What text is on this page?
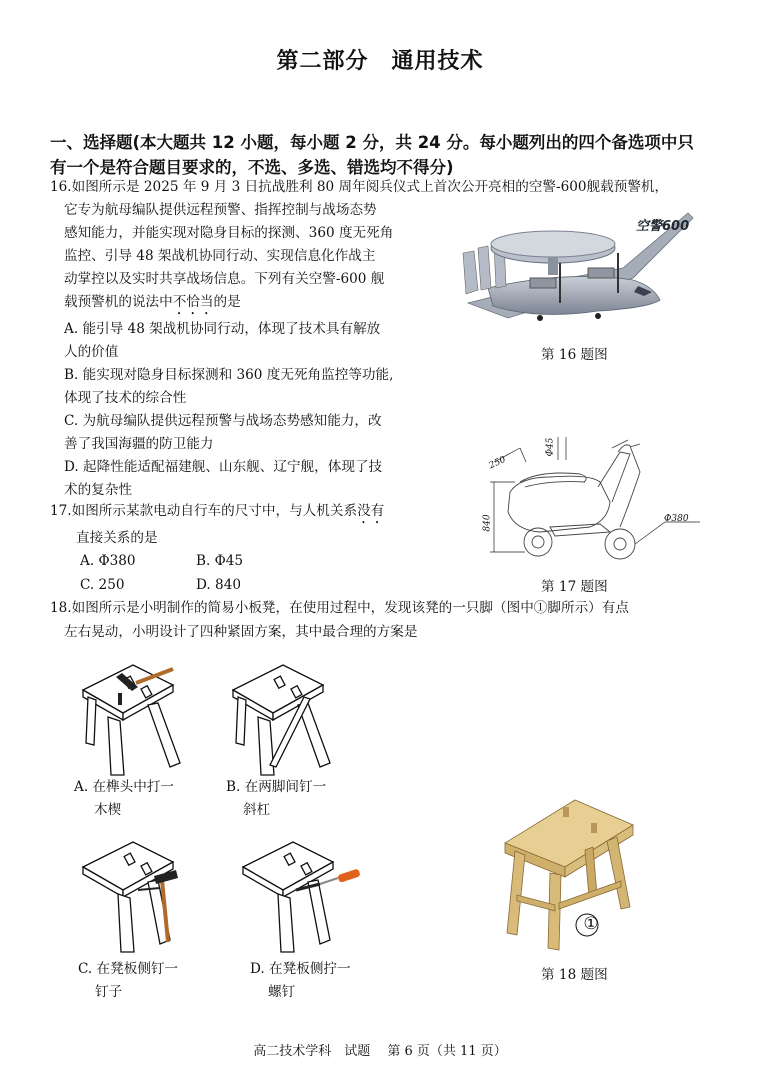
第二部分　通用技术
一、选择题(本大题共 12 小题，每小题 2 分，共 24 分。每小题列出的四个备选项中只
有一个是符合题目要求的，不选、多选、错选均不得分)
16.如图所示是 2025 年 9 月 3 日抗战胜利 80 周年阅兵仪式上首次公开亮相的空警-600舰载预警机，
它专为航母编队提供远程预警、指挥控制与战场态势
感知能力，并能实现对隐身目标的探测、360 度无死角
监控、引导 48 架战机协同行动、实现信息化作战主
动掌控以及实时共享战场信息。下列有关空警-600 舰
载预警机的说法中不恰当的是
A. 能引导 48 架战机协同行动，体现了技术具有解放
人的价值
B. 能实现对隐身目标探测和 360 度无死角监控等功能,
体现了技术的综合性
C. 为航母编队提供远程预警与战场态势感知能力，改
善了我国海疆的防卫能力
D. 起降性能适配福建舰、山东舰、辽宁舰，体现了技
术的复杂性
空警600
第 16 题图
250
Φ45
840	Φ380
第 17 题图
17.如图所示某款电动自行车的尺寸中，与人机关系没有
直接关系的是
A. Φ380	B. Φ45
C. 250	D. 840
18.如图所示是小明制作的简易小板凳，在使用过程中，发现该凳的一只脚（图中①脚所示）有点
左右晃动，小明设计了四种紧固方案，其中最合理的方案是
A. 在榫头中打一
木楔
B. 在两脚间钉一
斜杠
C. 在凳板侧钉一
钉子
D. 在凳板侧拧一
螺钉
①
第 18 题图
高二技术学科　试题　 第 6 页（共 11 页）
